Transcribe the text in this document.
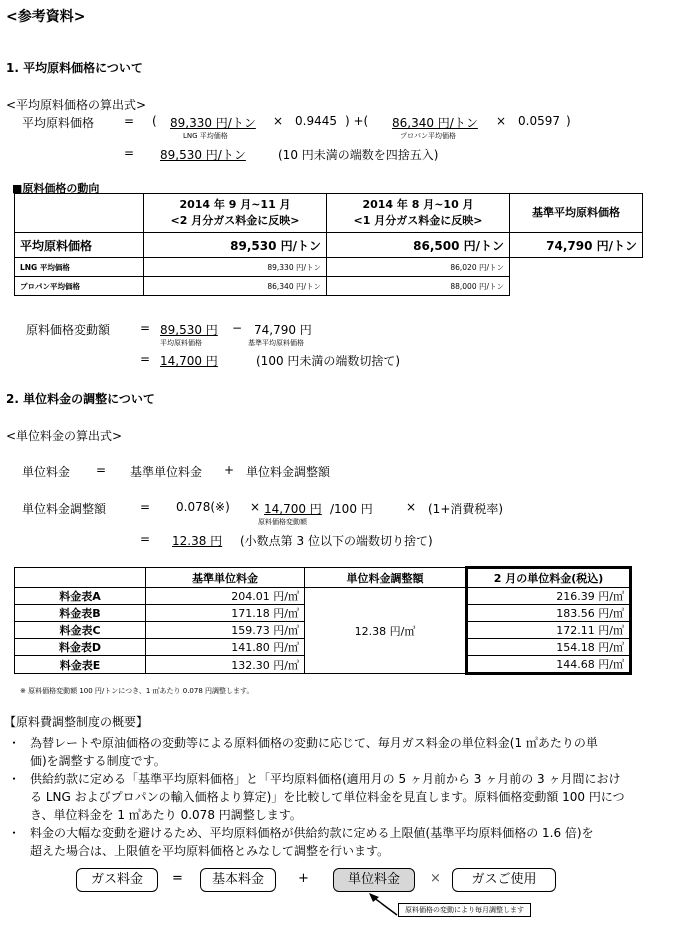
<参考資料>
1. 平均原料価格について
<平均原料価格の算出式>
平均原料価格 = ( 89,330 円/トン
LNG 平均価格
× 0.9445 ) +( 86,340 円/トン
プロパン平均価格
× 0.0597 )
= 89,530 円/トン	(10 円未満の端数を四捨五入)
■原料価格の動向
	2014 年 9 月~11 月
<2 月分ガス料金に反映>	2014 年 8 月~10 月
<1 月分ガス料金に反映>	基準平均原料価格
平均原料価格	89,530 円/トン	86,500 円/トン	74,790 円/トン
LNG 平均価格	89,330 円/トン	86,020 円/トン	
プロパン平均価格	86,340 円/トン	88,000 円/トン	
原料価格変動額 = 89,530 円 − 74,790 円
平均原料価格	基準平均原料価格
= 14,700 円	(100 円未満の端数切捨て)
2. 単位料金の調整について
<単位料金の算出式>
単位料金 = 基準単位料金 + 単位料金調整額
単位料金調整額	= 0.078(※) × 14,700 円 /100 円	× (1+消費税率)
原料価格変動額
= 12.38 円 (小数点第 3 位以下の端数切り捨て)
	基準単位料金	単位料金調整額	2 月の単位料金(税込)
料金表A	204.01 円/㎥	12.38 円/㎥	216.39 円/㎥
料金表B	171.18 円/㎥		183.56 円/㎥
料金表C	159.73 円/㎥		172.11 円/㎥
料金表D	141.80 円/㎥		154.18 円/㎥
料金表E	132.30 円/㎥		144.68 円/㎥
※ 原料価格変動額 100 円/トンにつき、1 ㎥あたり 0.078 円調整します。
【原料費調整制度の概要】
・ 為替レートや原油価格の変動等による原料価格の変動に応じて、毎月ガス料金の単位料金(1 ㎥あたりの単
価)を調整する制度です。
・ 供給約款に定める「基準平均原料価格」と「平均原料価格(適用月の 5 ヶ月前から 3 ヶ月前の 3 ヶ月間におけ
る LNG およびプロパンの輸入価格より算定)」を比較して単位料金を見直します。原料価格変動額 100 円につ
き、単位料金を 1 ㎥あたり 0.078 円調整します。
・ 料金の大幅な変動を避けるため、平均原料価格が供給約款に定める上限値(基準平均原料価格の 1.6 倍)を
超えた場合は、上限値を平均原料価格とみなして調整を行います。
ガス料金	=	基本料金	+	単位料金	×	ガスご使用
原料価格の変動により毎月調整します
